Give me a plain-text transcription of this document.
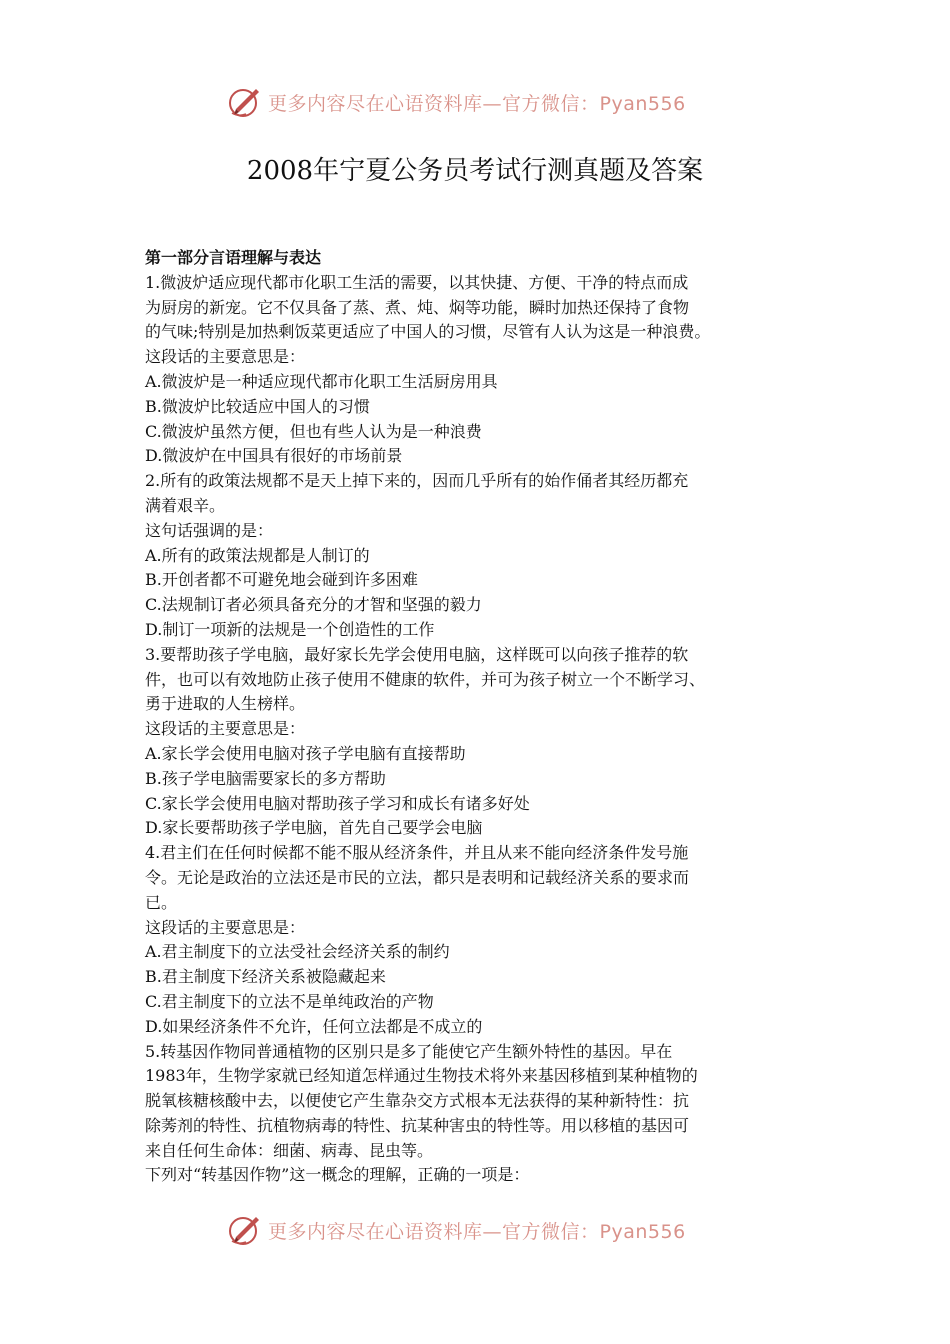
更多内容尽在心语资料库—官方微信：Pyan556
2008年宁夏公务员考试行测真题及答案
第一部分言语理解与表达
1.微波炉适应现代都市化职工生活的需要，以其快捷、方便、干净的特点而成
为厨房的新宠。它不仅具备了蒸、煮、炖、焖等功能，瞬时加热还保持了食物
的气味;特别是加热剩饭菜更适应了中国人的习惯，尽管有人认为这是一种浪费。
这段话的主要意思是：
A.微波炉是一种适应现代都市化职工生活厨房用具
B.微波炉比较适应中国人的习惯
C.微波炉虽然方便，但也有些人认为是一种浪费
D.微波炉在中国具有很好的市场前景
2.所有的政策法规都不是天上掉下来的，因而几乎所有的始作俑者其经历都充
满着艰辛。
这句话强调的是：
A.所有的政策法规都是人制订的
B.开创者都不可避免地会碰到许多困难
C.法规制订者必须具备充分的才智和坚强的毅力
D.制订一项新的法规是一个创造性的工作
3.要帮助孩子学电脑，最好家长先学会使用电脑，这样既可以向孩子推荐的软
件，也可以有效地防止孩子使用不健康的软件，并可为孩子树立一个不断学习、
勇于进取的人生榜样。
这段话的主要意思是：
A.家长学会使用电脑对孩子学电脑有直接帮助
B.孩子学电脑需要家长的多方帮助
C.家长学会使用电脑对帮助孩子学习和成长有诸多好处
D.家长要帮助孩子学电脑，首先自己要学会电脑
4.君主们在任何时候都不能不服从经济条件，并且从来不能向经济条件发号施
令。无论是政治的立法还是市民的立法，都只是表明和记载经济关系的要求而
已。
这段话的主要意思是：
A.君主制度下的立法受社会经济关系的制约
B.君主制度下经济关系被隐藏起来
C.君主制度下的立法不是单纯政治的产物
D.如果经济条件不允许，任何立法都是不成立的
5.转基因作物同普通植物的区别只是多了能使它产生额外特性的基因。早在
1983年，生物学家就已经知道怎样通过生物技术将外来基因移植到某种植物的
脱氧核糖核酸中去，以便使它产生靠杂交方式根本无法获得的某种新特性：抗
除莠剂的特性、抗植物病毒的特性、抗某种害虫的特性等。用以移植的基因可
来自任何生命体：细菌、病毒、昆虫等。
下列对“转基因作物”这一概念的理解，正确的一项是：
更多内容尽在心语资料库—官方微信：Pyan556
